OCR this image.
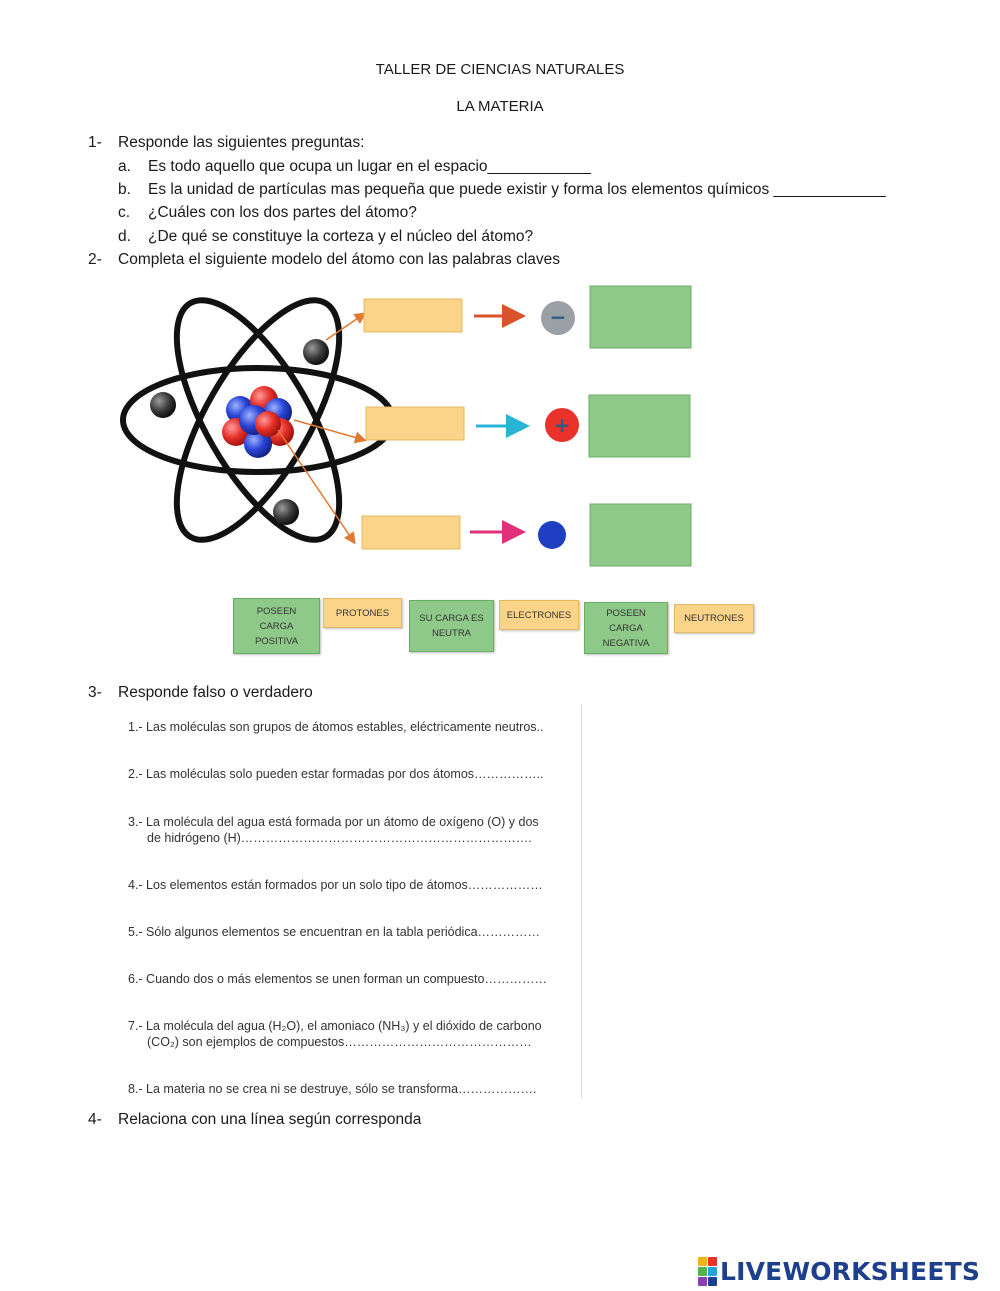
TALLER DE CIENCIAS NATURALES
LA MATERIA
1- Responde las siguientes preguntas:
a. Es todo aquello que ocupa un lugar en el espacio____________
b. Es la unidad de partículas mas pequeña que puede existir y forma los elementos químicos _____________
c. ¿Cuáles con los dos partes del átomo?
d. ¿De qué se constituye la corteza y el núcleo del átomo?
2- Completa el siguiente modelo del átomo con las palabras claves
−
+
POSEEN
CARGA
POSITIVA
PROTONES	SU CARGA ES
NEUTRA
ELECTRONES	POSEEN
CARGA
NEGATIVA
NEUTRONES
3- Responde falso o verdadero
1.- Las moléculas son grupos de átomos estables, eléctricamente neutros..
2.- Las moléculas solo pueden estar formadas por dos átomos……………..
3.- La molécula del agua está formada por un átomo de oxígeno (O) y dos
de hidrógeno (H)…………………………………………………………….
4.- Los elementos están formados por un solo tipo de átomos………………
5.- Sólo algunos elementos se encuentran en la tabla periódica……………
6.- Cuando dos o más elementos se unen forman un compuesto……………
7.- La molécula del agua (H₂O), el amoniaco (NH₃) y el dióxido de carbono
(CO₂) son ejemplos de compuestos………………………………………
8.- La materia no se crea ni se destruye, sólo se transforma……………….
4- Relaciona con una línea según corresponda
LIVEWORKSHEETS
